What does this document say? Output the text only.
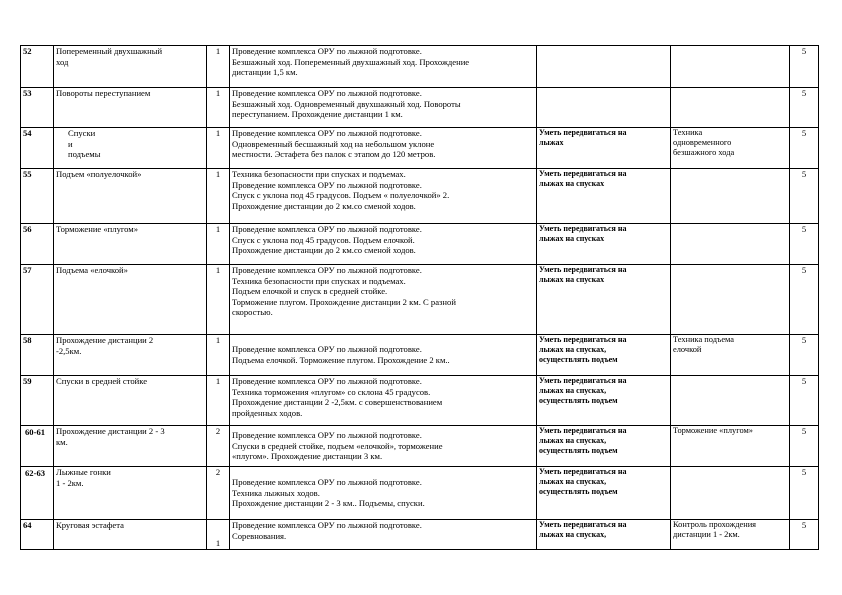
52	Попеременный двухшажный
ход	1	Проведение комплекса ОРУ по лыжной подготовке.
Безшажный ход. Попеременный двухшажный ход. Прохождение
дистанции 1,5 км.			5
53	Повороты переступанием	1	Проведение комплекса ОРУ по лыжной подготовке.
Безшажный ход. Одновременный двухшажный ход. Повороты
переступанием. Прохождение дистанции 1 км.			5
54	Спуски
и
подъемы	1	Проведение комплекса ОРУ по лыжной подготовке.
Одновременный бесшажный ход на небольшом уклоне
местности. Эстафета без палок с этапом до 120 метров.	Уметь передвигаться на
лыжах	Техника
одновременного
безшажного хода	5
55	Подъем «полуелочкой»	1	Техника безопасности при спусках и подъемах.
Проведение комплекса ОРУ по лыжной подготовке.
Спуск с уклона под 45 градусов. Подъем « полуелочкой» 2.
Прохождение дистанции до 2 км.со сменой ходов.	Уметь передвигаться на
лыжах на спусках		5
56	Торможение «плугом»	1	Проведение комплекса ОРУ по лыжной подготовке.
Спуск с уклона под 45 градусов. Подъем елочкой.
Прохождение дистанции до 2 км.со сменой ходов.	Уметь передвигаться на
лыжах на спусках		5
57	Подъема «елочкой»	1	Проведение комплекса ОРУ по лыжной подготовке.
Техника безопасности при спусках и подъемах.
Подъем елочкой и спуск в средней стойке.
Торможение плугом. Прохождение дистанции 2 км. С разной
скоростью.	Уметь передвигаться на
лыжах на спусках		5
58	Прохождение дистанции 2
-2,5км.	1	Проведение комплекса ОРУ по лыжной подготовке.
Подъема елочкой. Торможение плугом. Прохождение 2 км..	Уметь передвигаться на
лыжах на спусках,
осуществлять подъем	Техника подъема
елочкой	5
59	Спуски в средней стойке	1	Проведение комплекса ОРУ по лыжной подготовке.
Техника торможения «плугом» со склона 45 градусов.
Прохождение дистанции 2 -2,5км. с совершенствованием
пройденных ходов.	Уметь передвигаться на
лыжах на спусках,
осуществлять подъем		5
60-61	Прохождение дистанции 2 - 3
км.	2	Проведение комплекса ОРУ по лыжной подготовке.
Спуски в средней стойке, подъем «елочкой», торможение
«плугом». Прохождение дистанции 3 км.	Уметь передвигаться на
лыжах на спусках,
осуществлять подъем	Торможение «плугом»	5
62-63	Лыжные гонки
1 - 2км.	2	Проведение комплекса ОРУ по лыжной подготовке.
Техника лыжных ходов.
Прохождение дистанции 2 - 3 км.. Подъемы, спуски.	Уметь передвигаться на
лыжах на спусках,
осуществлять подъем		5
64	Круговая эстафета	1	Проведение комплекса ОРУ по лыжной подготовке.
Соревнования.	Уметь передвигаться на
лыжах на спусках,	Контроль прохождения
дистанции 1 - 2км.	5
